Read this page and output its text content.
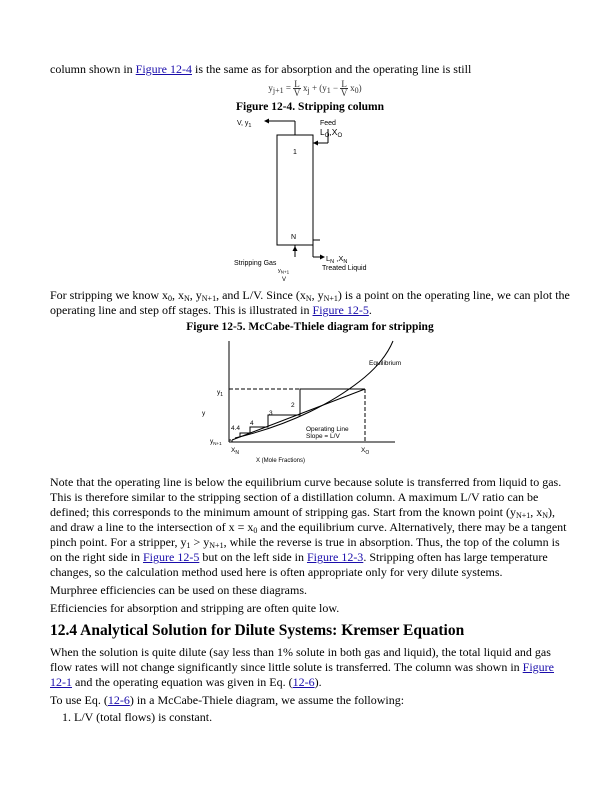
column shown in Figure 12-4 is the same as for absorption and the operating line is still

$y_{j+1} = \frac{L}{V} x_j + (y_1 - \frac{L}{V} x_0)$

Figure 12-4. Stripping column

Feed
$L_O,X_O$
V, $y_1$
1
N
Stripping Gas
$y_{N+1}$
V
$L_N$ $,X_N$
Treated Liquid

For stripping we know $x_0$, $x_N$, $y_{N+1}$, and L/V. Since ($x_N$, $y_{N+1}$) is a point on the operating line, we can plot the operating line and step off stages. This is illustrated in Figure 12-5.

Figure 12-5. McCabe-Thiele diagram for stripping

Equilibrium
$y_1$
y
$y_{N+1}$
4.4
4
3
2
Operating Line
Slope = L/V
$X_N$	$X_O$
X (Mole Fractions)

Note that the operating line is below the equilibrium curve because solute is transferred from liquid to gas. This is therefore similar to the stripping section of a distillation column. A maximum L/V ratio can be defined; this corresponds to the minimum amount of stripping gas. Start from the known point ($y_{N+1}$, $x_N$), and draw a line to the intersection of $x = x_0$ and the equilibrium curve. Alternatively, there may be a tangent pinch point. For a stripper, $y_1 > y_{N+1}$, while the reverse is true in absorption. Thus, the top of the column is on the right side in Figure 12-5 but on the left side in Figure 12-3. Stripping often has large temperature changes, so the calculation method used here is often appropriate only for very dilute systems.

Murphree efficiencies can be used on these diagrams.

Efficiencies for absorption and stripping are often quite low.

12.4 Analytical Solution for Dilute Systems: Kremser Equation

When the solution is quite dilute (say less than 1% solute in both gas and liquid), the total liquid and gas flow rates will not change significantly since little solute is transferred. The column was shown in Figure 12-1 and the operating equation was given in Eq. (12-6).

To use Eq. (12-6) in a McCabe-Thiele diagram, we assume the following:

1. L/V (total flows) is constant.
